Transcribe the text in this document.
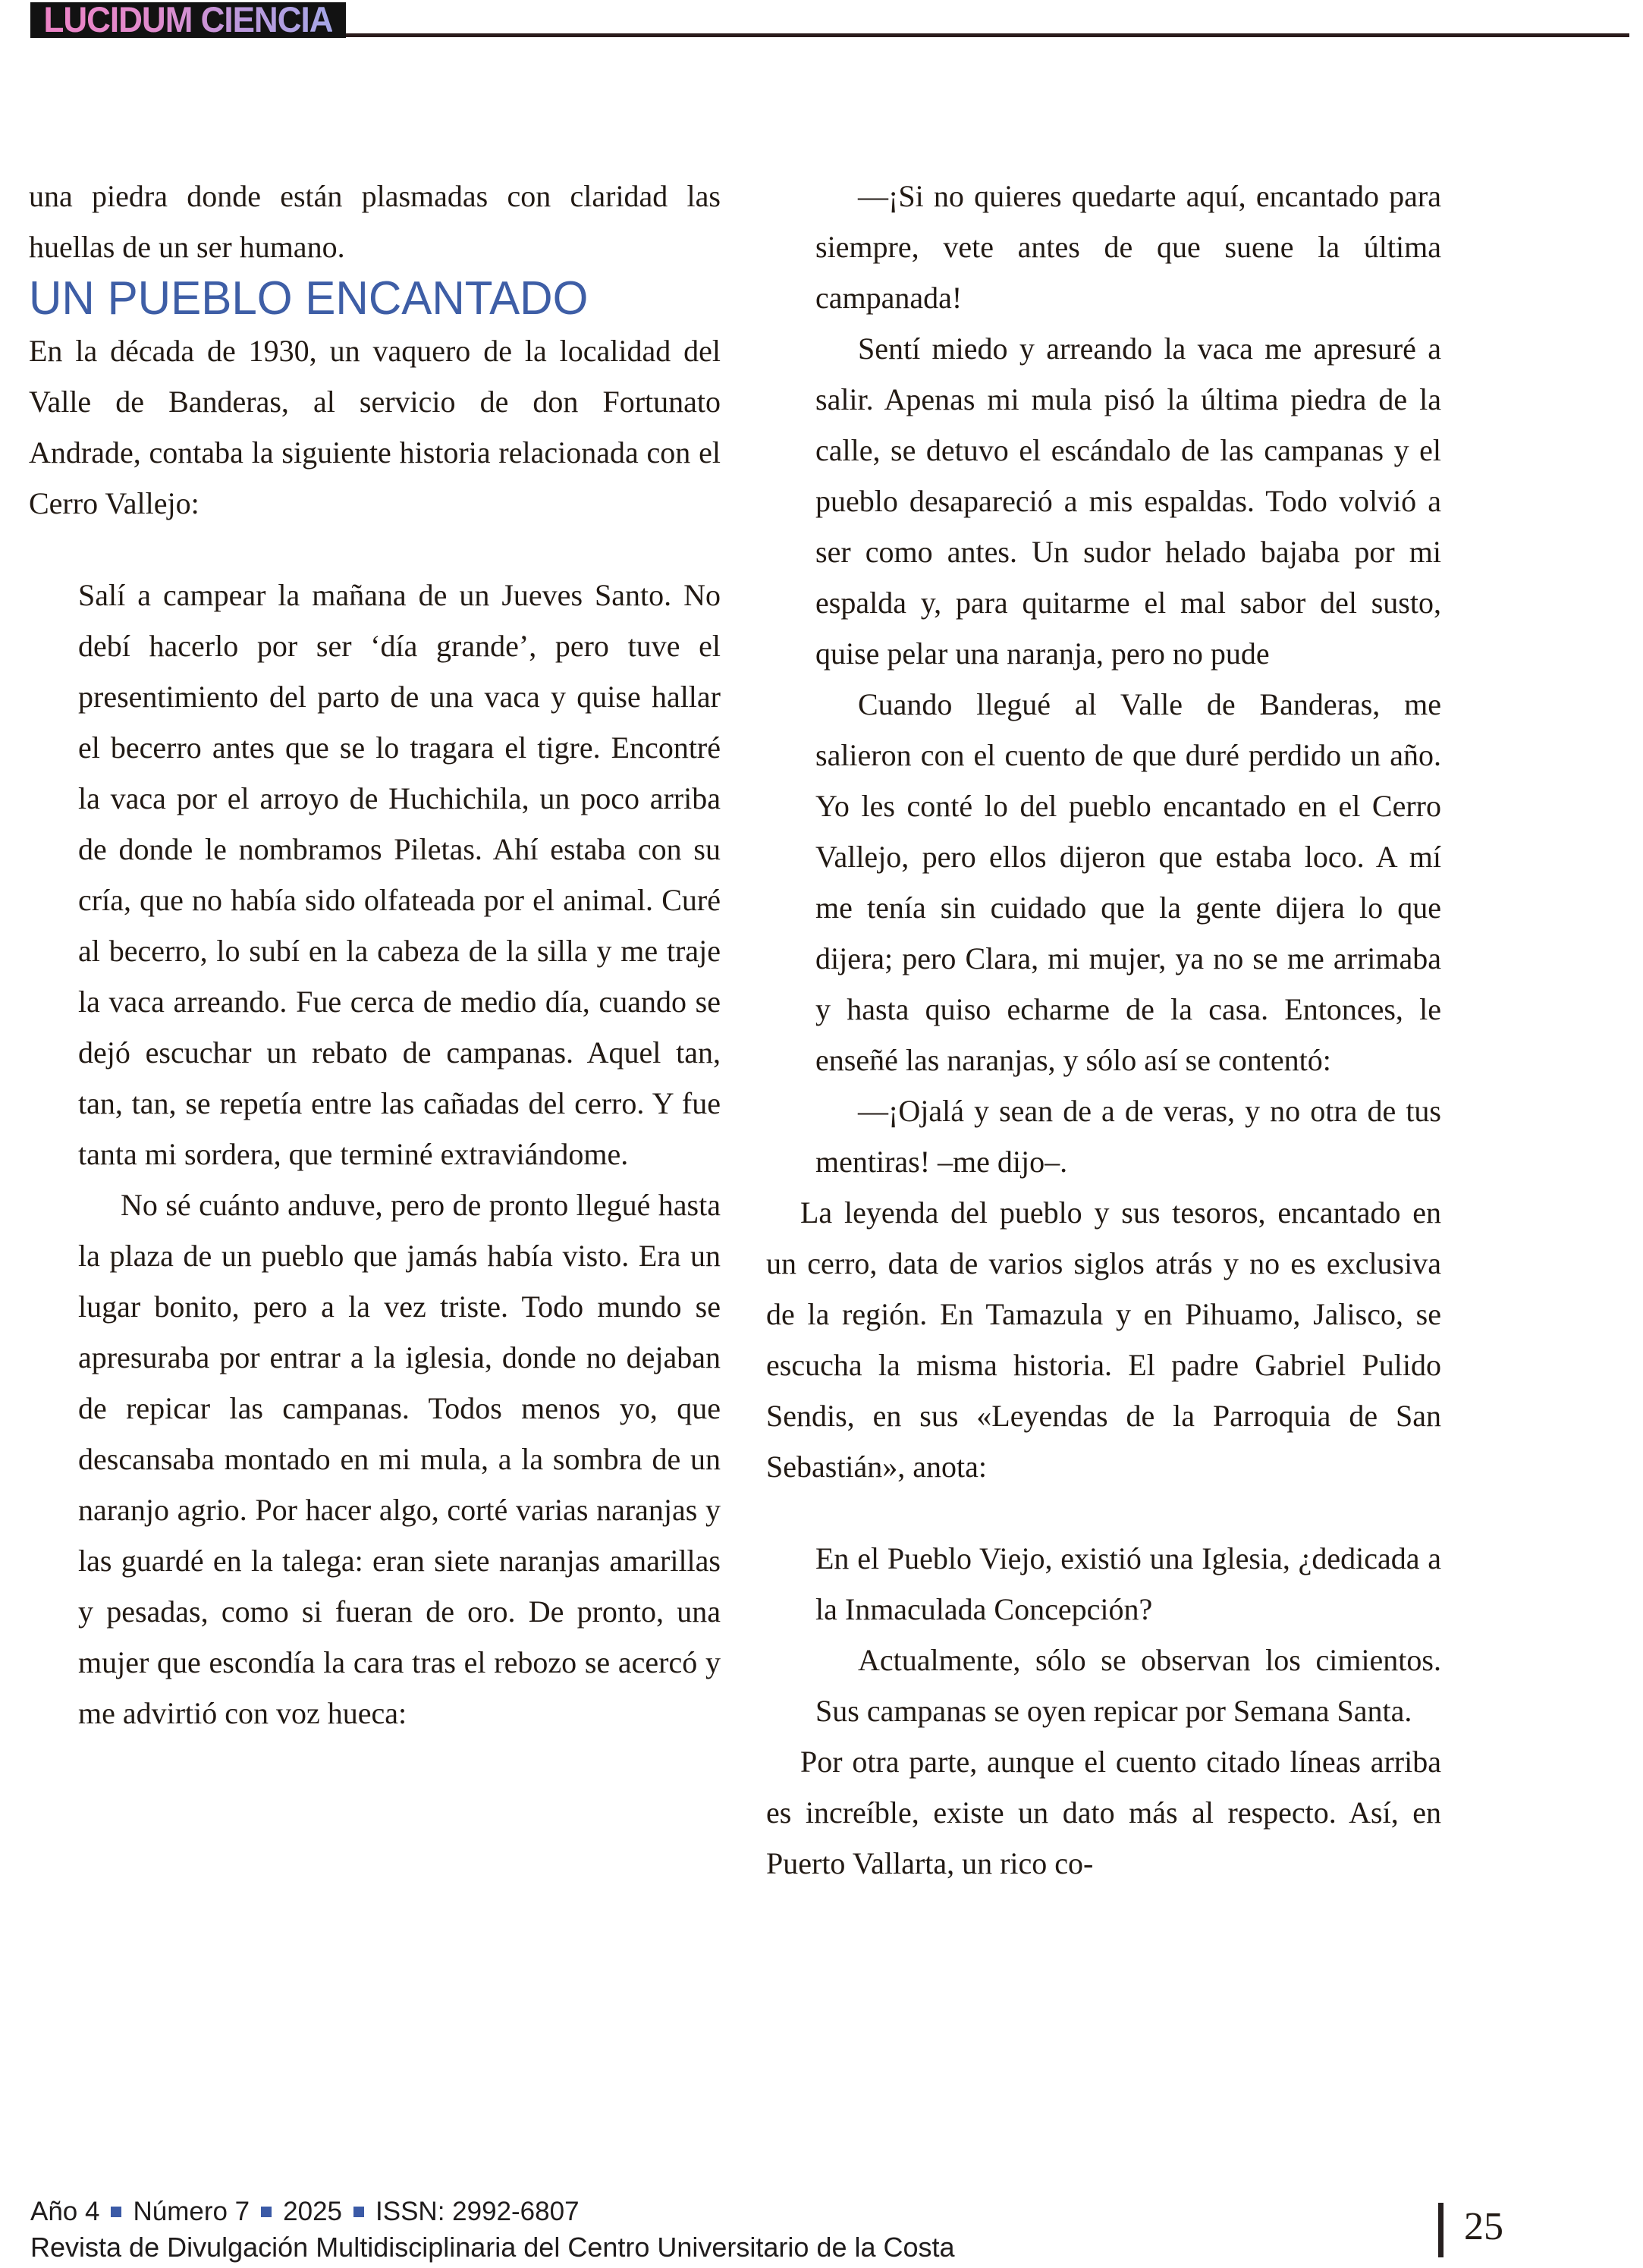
LUCIDUM CIENCIA

una piedra donde están plasmadas con claridad las huellas de un ser humano.

UN PUEBLO ENCANTADO

En la década de 1930, un vaquero de la localidad del Valle de Banderas, al servicio de don Fortunato Andrade, contaba la siguiente historia relacionada con el Cerro Vallejo:

Salí a campear la mañana de un Jueves Santo. No debí hacerlo por ser ‘día grande’, pero tuve el presentimiento del parto de una vaca y quise hallar el becerro antes que se lo tragara el tigre. Encontré la vaca por el arroyo de Huchichila, un poco arriba de donde le nombramos Piletas. Ahí estaba con su cría, que no había sido olfateada por el animal. Curé al becerro, lo subí en la cabeza de la silla y me traje la vaca arreando. Fue cerca de medio día, cuando se dejó escuchar un rebato de campanas. Aquel tan, tan, tan, se repetía entre las cañadas del cerro. Y fue tanta mi sordera, que terminé extraviándome.

No sé cuánto anduve, pero de pronto llegué hasta la plaza de un pueblo que jamás había visto. Era un lugar bonito, pero a la vez triste. Todo mundo se apresuraba por entrar a la iglesia, donde no dejaban de repicar las campanas. Todos menos yo, que descansaba montado en mi mula, a la sombra de un naranjo agrio. Por hacer algo, corté varias naranjas y las guardé en la talega: eran siete naranjas amarillas y pesadas, como si fueran de oro. De pronto, una mujer que escondía la cara tras el rebozo se acercó y me advirtió con voz hueca:

—¡Si no quieres quedarte aquí, encantado para siempre, vete antes de que suene la última campanada!

Sentí miedo y arreando la vaca me apresuré a salir. Apenas mi mula pisó la última piedra de la calle, se detuvo el escándalo de las campanas y el pueblo desapareció a mis espaldas. Todo volvió a ser como antes. Un sudor helado bajaba por mi espalda y, para quitarme el mal sabor del susto, quise pelar una naranja, pero no pude

Cuando llegué al Valle de Banderas, me salieron con el cuento de que duré perdido un año. Yo les conté lo del pueblo encantado en el Cerro Vallejo, pero ellos dijeron que estaba loco. A mí me tenía sin cuidado que la gente dijera lo que dijera; pero Clara, mi mujer, ya no se me arrimaba y hasta quiso echarme de la casa. Entonces, le enseñé las naranjas, y sólo así se contentó:

—¡Ojalá y sean de a de veras, y no otra de tus mentiras! –me dijo–.

La leyenda del pueblo y sus tesoros, encantado en un cerro, data de varios siglos atrás y no es exclusiva de la región. En Tamazula y en Pihuamo, Jalisco, se escucha la misma historia. El padre Gabriel Pulido Sendis, en sus «Leyendas de la Parroquia de San Sebastián», anota:

En el Pueblo Viejo, existió una Iglesia, ¿dedicada a la Inmaculada Concepción?

Actualmente, sólo se observan los cimientos. Sus campanas se oyen repicar por Semana Santa.

Por otra parte, aunque el cuento citado líneas arriba es increíble, existe un dato más al respecto. Así, en Puerto Vallarta, un rico co-

Año 4 Número 7 2025 ISSN: 2992-6807
Revista de Divulgación Multidisciplinaria del Centro Universitario de la Costa	25
